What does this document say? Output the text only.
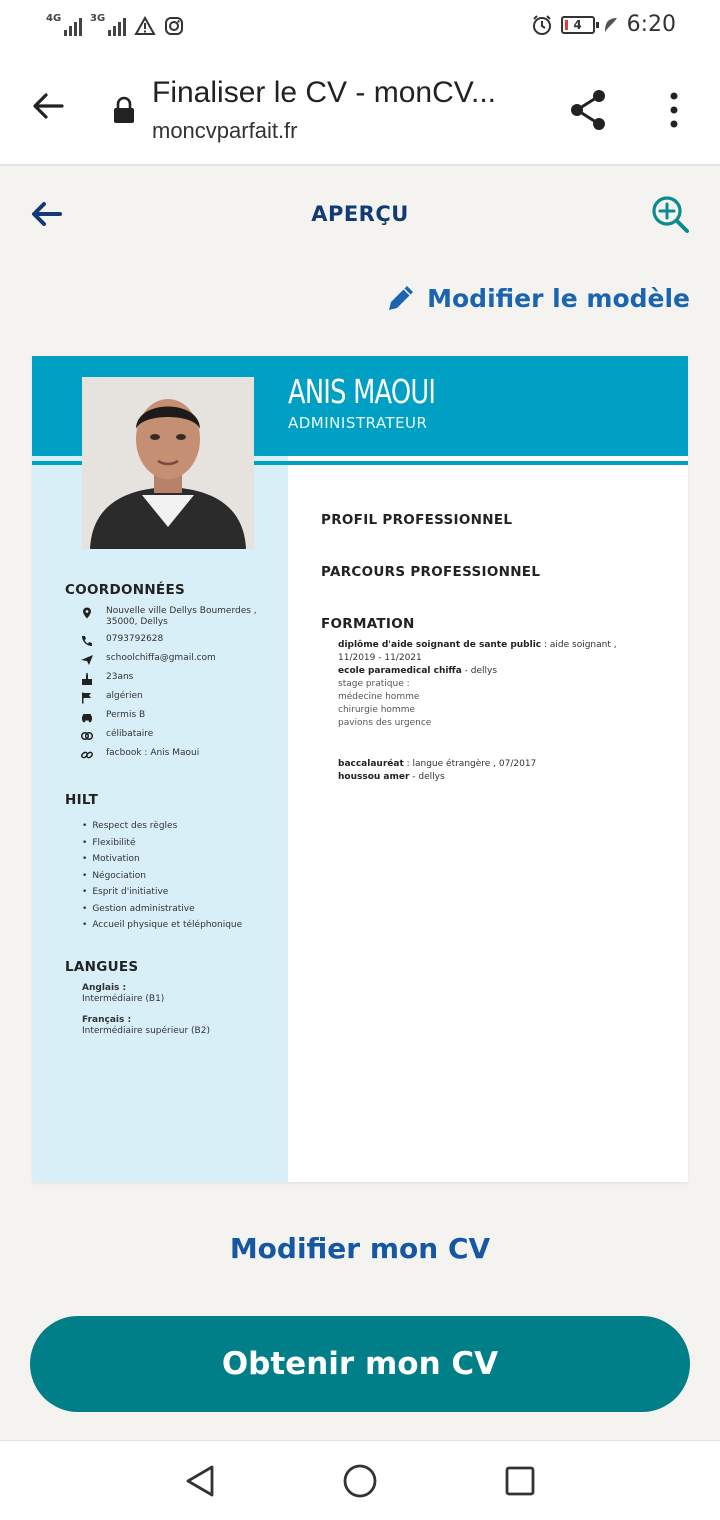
4G	3G	4	6:20
Finaliser le CV - monCV...
moncvparfait.fr
APERÇU
Modifier le modèle
ANIS MAOUI
ADMINISTRATEUR
COORDONNÉES
Nouvelle ville Dellys Boumerdes , 35000, Dellys
0793792628
schoolchiffa@gmail.com
23ans
algérien
Permis B
célibataire
facbook : Anis Maoui
HILT
• Respect des règles
• Flexibilité
• Motivation
• Négociation
• Esprit d'initiative
• Gestion administrative
• Accueil physique et téléphonique
LANGUES
Anglais :
Intermédiaire (B1)
Français :
Intermédiaire supérieur (B2)
PROFIL PROFESSIONNEL
PARCOURS PROFESSIONNEL
FORMATION
diplôme d'aide soignant de sante public : aide soignant , 11/2019 - 11/2021
ecole paramedical chiffa - dellys
stage pratique :
médecine homme
chirurgie homme
pavions des urgence
baccalauréat : langue étrangère , 07/2017
houssou amer - dellys
Modifier mon CV
Obtenir mon CV
